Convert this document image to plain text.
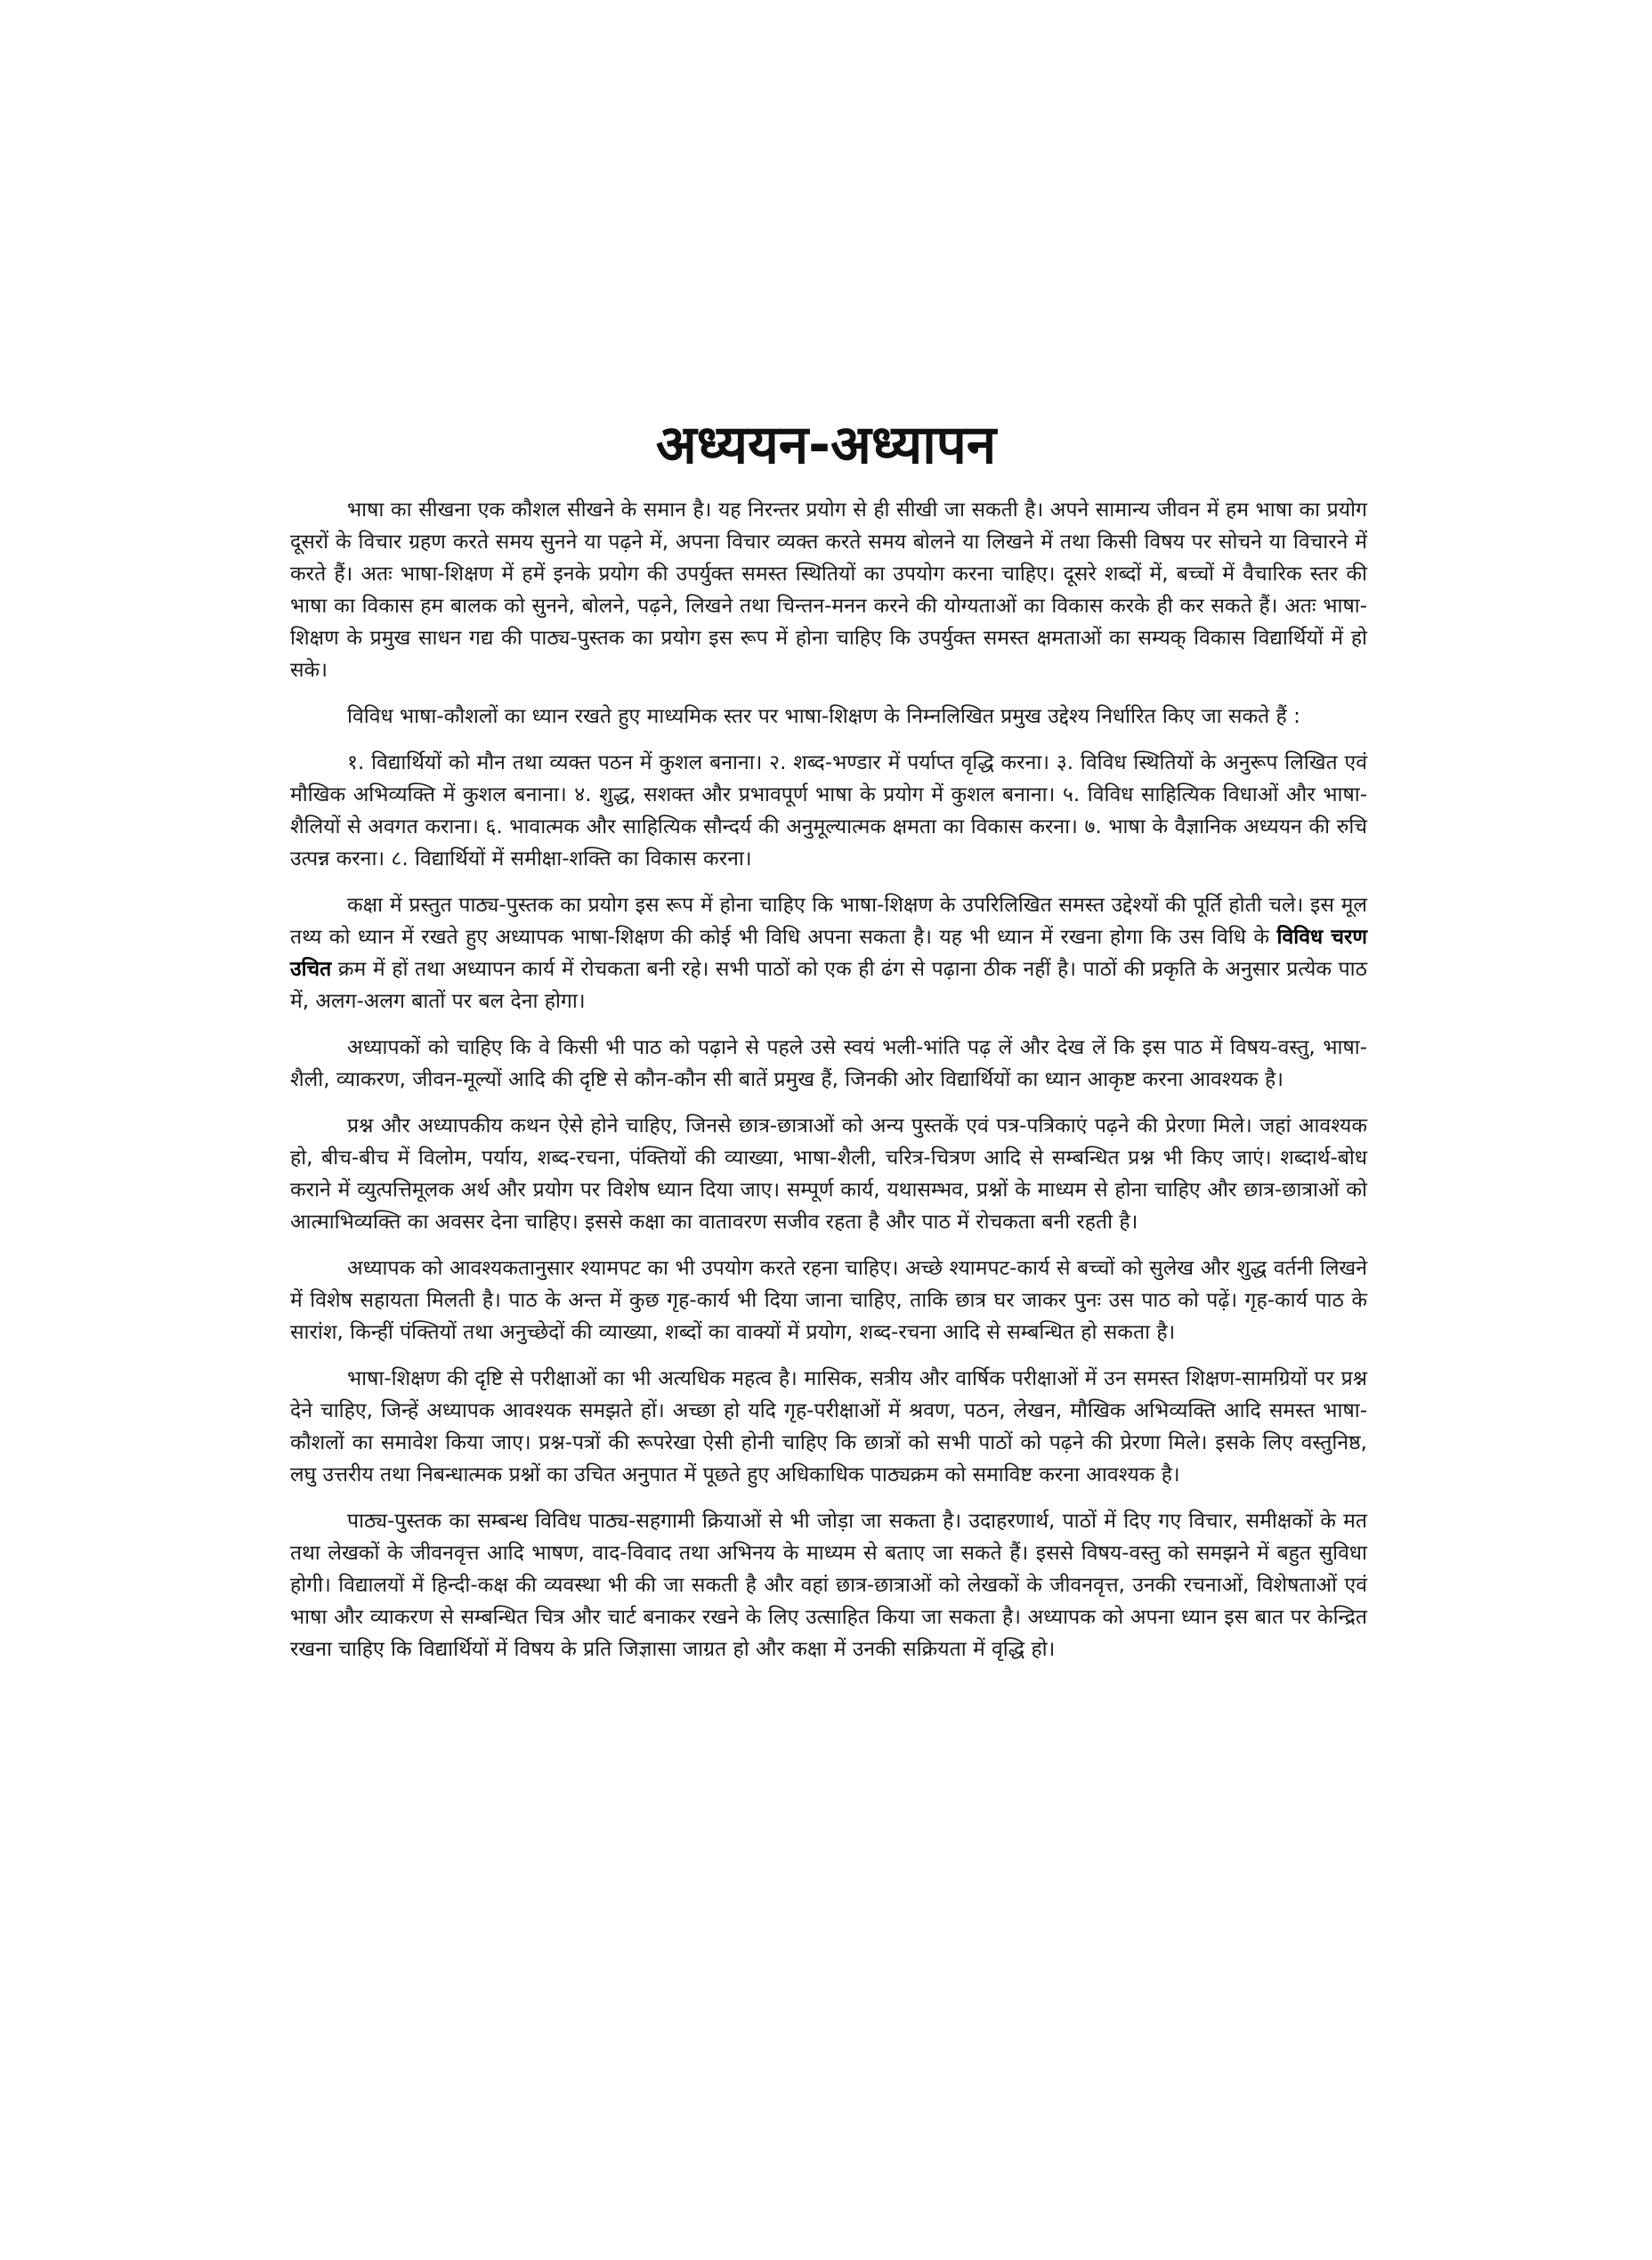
अध्ययन-अध्यापन

भाषा का सीखना एक कौशल सीखने के समान है। यह निरन्तर प्रयोग से ही सीखी जा सकती है। अपने सामान्य जीवन में हम भाषा का प्रयोग दूसरों के विचार ग्रहण करते समय सुनने या पढ़ने में, अपना विचार व्यक्त करते समय बोलने या लिखने में तथा किसी विषय पर सोचने या विचारने में करते हैं। अतः भाषा-शिक्षण में हमें इनके प्रयोग की उपर्युक्त समस्त स्थितियों का उपयोग करना चाहिए। दूसरे शब्दों में, बच्चों में वैचारिक स्तर की भाषा का विकास हम बालक को सुनने, बोलने, पढ़ने, लिखने तथा चिन्तन-मनन करने की योग्यताओं का विकास करके ही कर सकते हैं। अतः भाषा-शिक्षण के प्रमुख साधन गद्य की पाठ्य-पुस्तक का प्रयोग इस रूप में होना चाहिए कि उपर्युक्त समस्त क्षमताओं का सम्यक् विकास विद्यार्थियों में हो सके।

विविध भाषा-कौशलों का ध्यान रखते हुए माध्यमिक स्तर पर भाषा-शिक्षण के निम्नलिखित प्रमुख उद्देश्य निर्धारित किए जा सकते हैं :

१. विद्यार्थियों को मौन तथा व्यक्त पठन में कुशल बनाना। २. शब्द-भण्डार में पर्याप्त वृद्धि करना। ३. विविध स्थितियों के अनुरूप लिखित एवं मौखिक अभिव्यक्ति में कुशल बनाना। ४. शुद्ध, सशक्त और प्रभावपूर्ण भाषा के प्रयोग में कुशल बनाना। ५. विविध साहित्यिक विधाओं और भाषा-शैलियों से अवगत कराना। ६. भावात्मक और साहित्यिक सौन्दर्य की अनुमूल्यात्मक क्षमता का विकास करना। ७. भाषा के वैज्ञानिक अध्ययन की रुचि उत्पन्न करना। ८. विद्यार्थियों में समीक्षा-शक्ति का विकास करना।

कक्षा में प्रस्तुत पाठ्य-पुस्तक का प्रयोग इस रूप में होना चाहिए कि भाषा-शिक्षण के उपरिलिखित समस्त उद्देश्यों की पूर्ति होती चले। इस मूल तथ्य को ध्यान में रखते हुए अध्यापक भाषा-शिक्षण की कोई भी विधि अपना सकता है। यह भी ध्यान में रखना होगा कि उस विधि के विविध चरण उचित क्रम में हों तथा अध्यापन कार्य में रोचकता बनी रहे। सभी पाठों को एक ही ढंग से पढ़ाना ठीक नहीं है। पाठों की प्रकृति के अनुसार प्रत्येक पाठ में, अलग-अलग बातों पर बल देना होगा।

अध्यापकों को चाहिए कि वे किसी भी पाठ को पढ़ाने से पहले उसे स्वयं भली-भांति पढ़ लें और देख लें कि इस पाठ में विषय-वस्तु, भाषा-शैली, व्याकरण, जीवन-मूल्यों आदि की दृष्टि से कौन-कौन सी बातें प्रमुख हैं, जिनकी ओर विद्यार्थियों का ध्यान आकृष्ट करना आवश्यक है।

प्रश्न और अध्यापकीय कथन ऐसे होने चाहिए, जिनसे छात्र-छात्राओं को अन्य पुस्तकें एवं पत्र-पत्रिकाएं पढ़ने की प्रेरणा मिले। जहां आवश्यक हो, बीच-बीच में विलोम, पर्याय, शब्द-रचना, पंक्तियों की व्याख्या, भाषा-शैली, चरित्र-चित्रण आदि से सम्बन्धित प्रश्न भी किए जाएं। शब्दार्थ-बोध कराने में व्युत्पत्तिमूलक अर्थ और प्रयोग पर विशेष ध्यान दिया जाए। सम्पूर्ण कार्य, यथासम्भव, प्रश्नों के माध्यम से होना चाहिए और छात्र-छात्राओं को आत्माभिव्यक्ति का अवसर देना चाहिए। इससे कक्षा का वातावरण सजीव रहता है और पाठ में रोचकता बनी रहती है।

अध्यापक को आवश्यकतानुसार श्यामपट का भी उपयोग करते रहना चाहिए। अच्छे श्यामपट-कार्य से बच्चों को सुलेख और शुद्ध वर्तनी लिखने में विशेष सहायता मिलती है। पाठ के अन्त में कुछ गृह-कार्य भी दिया जाना चाहिए, ताकि छात्र घर जाकर पुनः उस पाठ को पढ़ें। गृह-कार्य पाठ के सारांश, किन्हीं पंक्तियों तथा अनुच्छेदों की व्याख्या, शब्दों का वाक्यों में प्रयोग, शब्द-रचना आदि से सम्बन्धित हो सकता है।

भाषा-शिक्षण की दृष्टि से परीक्षाओं का भी अत्यधिक महत्व है। मासिक, सत्रीय और वार्षिक परीक्षाओं में उन समस्त शिक्षण-सामग्रियों पर प्रश्न देने चाहिए, जिन्हें अध्यापक आवश्यक समझते हों। अच्छा हो यदि गृह-परीक्षाओं में श्रवण, पठन, लेखन, मौखिक अभिव्यक्ति आदि समस्त भाषा-कौशलों का समावेश किया जाए। प्रश्न-पत्रों की रूपरेखा ऐसी होनी चाहिए कि छात्रों को सभी पाठों को पढ़ने की प्रेरणा मिले। इसके लिए वस्तुनिष्ठ, लघु उत्तरीय तथा निबन्धात्मक प्रश्नों का उचित अनुपात में पूछते हुए अधिकाधिक पाठ्यक्रम को समाविष्ट करना आवश्यक है।

पाठ्य-पुस्तक का सम्बन्ध विविध पाठ्य-सहगामी क्रियाओं से भी जोड़ा जा सकता है। उदाहरणार्थ, पाठों में दिए गए विचार, समीक्षकों के मत तथा लेखकों के जीवनवृत्त आदि भाषण, वाद-विवाद तथा अभिनय के माध्यम से बताए जा सकते हैं। इससे विषय-वस्तु को समझने में बहुत सुविधा होगी। विद्यालयों में हिन्दी-कक्ष की व्यवस्था भी की जा सकती है और वहां छात्र-छात्राओं को लेखकों के जीवनवृत्त, उनकी रचनाओं, विशेषताओं एवं भाषा और व्याकरण से सम्बन्धित चित्र और चार्ट बनाकर रखने के लिए उत्साहित किया जा सकता है। अध्यापक को अपना ध्यान इस बात पर केन्द्रित रखना चाहिए कि विद्यार्थियों में विषय के प्रति जिज्ञासा जाग्रत हो और कक्षा में उनकी सक्रियता में वृद्धि हो।
